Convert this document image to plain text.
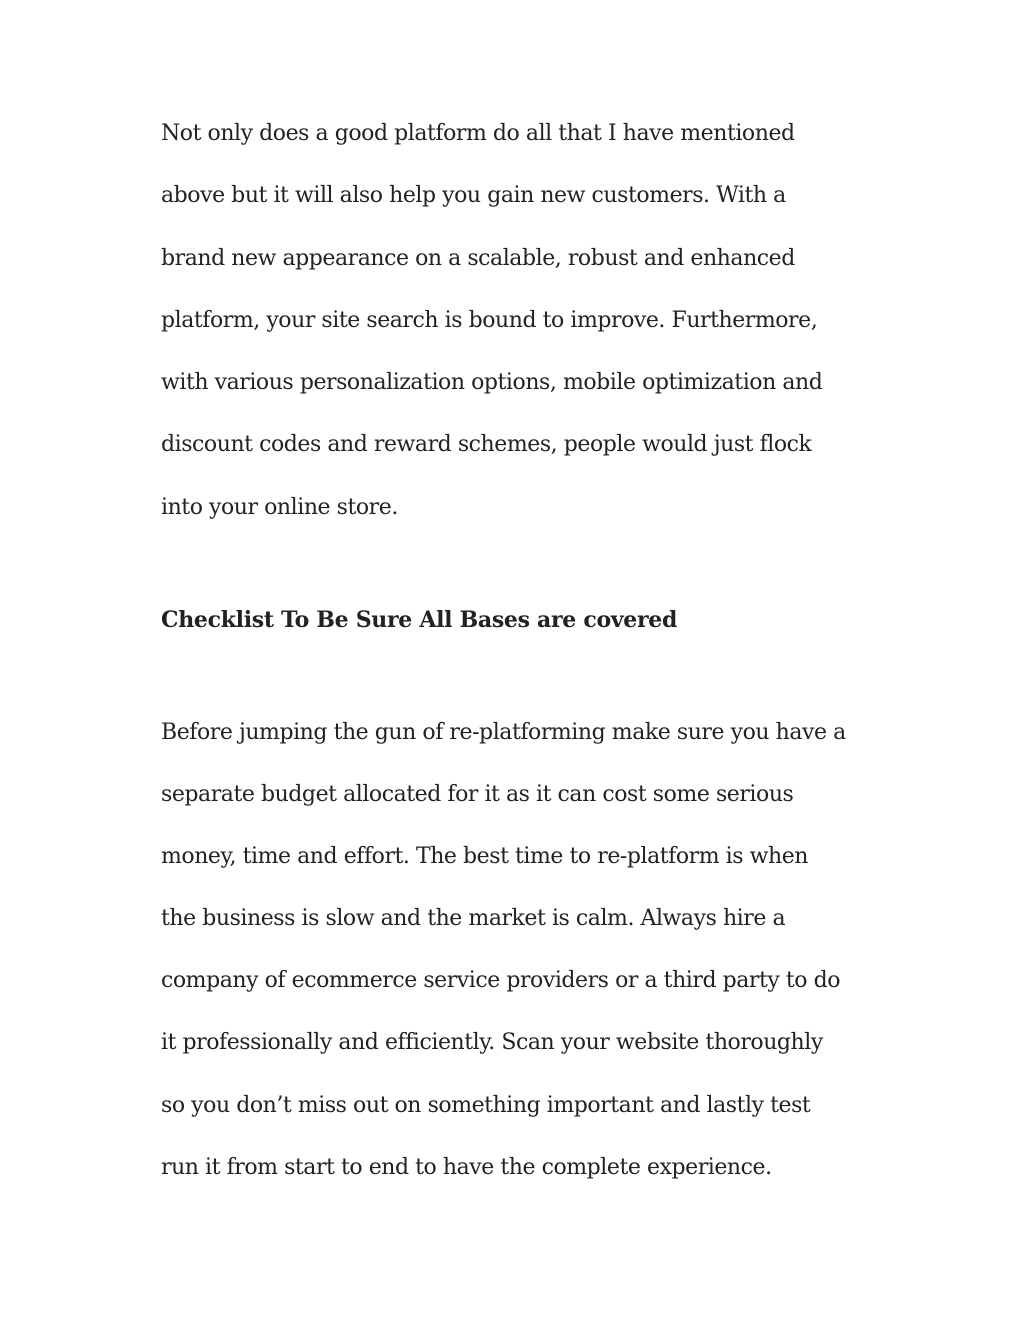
Not only does a good platform do all that I have mentioned
above but it will also help you gain new customers. With a
brand new appearance on a scalable, robust and enhanced
platform, your site search is bound to improve. Furthermore,
with various personalization options, mobile optimization and
discount codes and reward schemes, people would just flock
into your online store.
Checklist To Be Sure All Bases are covered
Before jumping the gun of re-platforming make sure you have a
separate budget allocated for it as it can cost some serious
money, time and effort. The best time to re-platform is when
the business is slow and the market is calm. Always hire a
company of ecommerce service providers or a third party to do
it professionally and efficiently. Scan your website thoroughly
so you don’t miss out on something important and lastly test
run it from start to end to have the complete experience.
